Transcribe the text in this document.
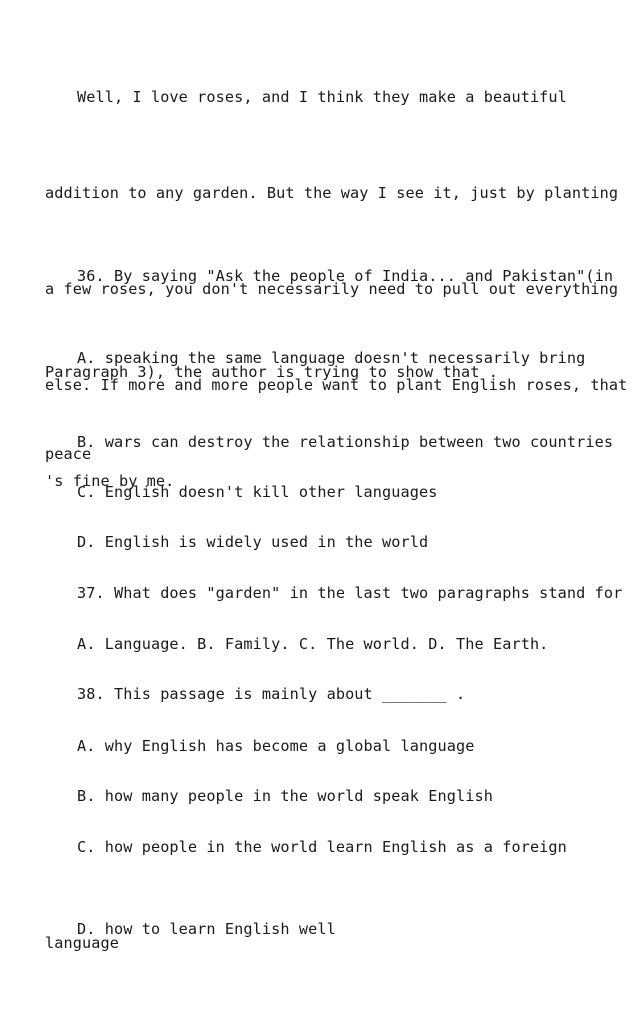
Well, I love roses, and I think they make a beautiful

addition to any garden. But the way I see it, just by planting

a few roses, you don't necessarily need to pull out everything

else. If more and more people want to plant English roses, that

's fine by me.

36. By saying "Ask the people of India... and Pakistan"(in

Paragraph 3), the author is trying to show that .

A. speaking the same language doesn't necessarily bring

peace

B. wars can destroy the relationship between two countries

C. English doesn't kill other languages

D. English is widely used in the world

37. What does "garden" in the last two paragraphs stand for

A. Language. B. Family. C. The world. D. The Earth.

38. This passage is mainly about _______ .

A. why English has become a global language

B. how many people in the world speak English

C. how people in the world learn English as a foreign

language

D. how to learn English well
